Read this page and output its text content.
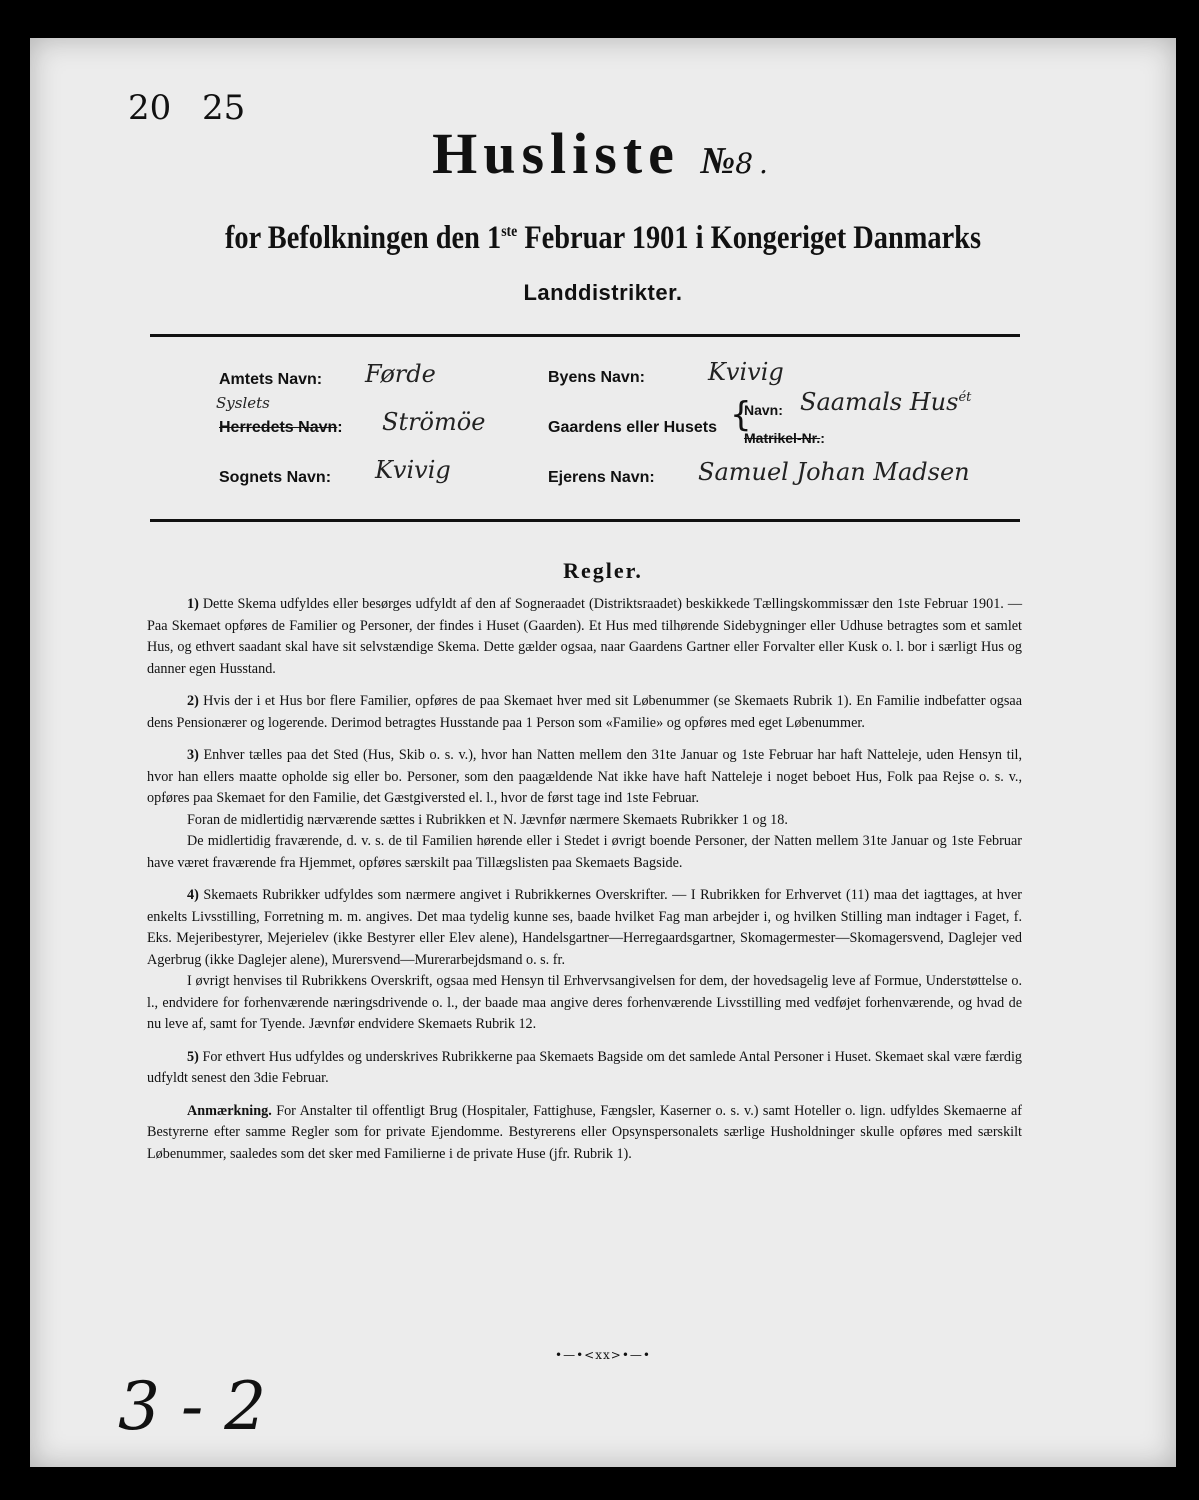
20 25
Husliste №8.
for Befolkningen den 1ste Februar 1901 i Kongeriget Danmarks
Landdistrikter.
Amtets Navn: Førde
Syslets
Herredets Navn: Strömöe
Sognets Navn: Kvivig
Byens Navn:	Kvivig
Gaardens eller Husets {
Navn: Saamals Hus$^{ét}$
Matrikel-Nr.:
Ejerens Navn: Samuel Johan Madsen
Regler.

1) Dette Skema udfyldes eller besørges udfyldt af den af Sogneraadet (Distriktsraadet) beskikkede Tællingskommissær den 1ste Februar 1901. — Paa Skemaet opføres de Familier og Personer, der findes i Huset (Gaarden). Et Hus med tilhørende Sidebygninger eller Udhuse betragtes som et samlet Hus, og ethvert saadant skal have sit selvstændige Skema. Dette gælder ogsaa, naar Gaardens Gartner eller Forvalter eller Kusk o. l. bor i særligt Hus og danner egen Husstand.

2) Hvis der i et Hus bor flere Familier, opføres de paa Skemaet hver med sit Løbenummer (se Skemaets Rubrik 1). En Familie indbefatter ogsaa dens Pensionærer og logerende. Derimod betragtes Husstande paa 1 Person som «Familie» og opføres med eget Løbenummer.

3) Enhver tælles paa det Sted (Hus, Skib o. s. v.), hvor han Natten mellem den 31te Januar og 1ste Februar har haft Natteleje, uden Hensyn til, hvor han ellers maatte opholde sig eller bo. Personer, som den paagældende Nat ikke have haft Natteleje i noget beboet Hus, Folk paa Rejse o. s. v., opføres paa Skemaet for den Familie, det Gæstgiversted el. l., hvor de først tage ind 1ste Februar.

Foran de midlertidig nærværende sættes i Rubrikken et N. Jævnfør nærmere Skemaets Rubrikker 1 og 18.

De midlertidig fraværende, d. v. s. de til Familien hørende eller i Stedet i øvrigt boende Personer, der Natten mellem 31te Januar og 1ste Februar have været fraværende fra Hjemmet, opføres særskilt paa Tillægslisten paa Skemaets Bagside.

4) Skemaets Rubrikker udfyldes som nærmere angivet i Rubrikkernes Overskrifter. — I Rubrikken for Erhvervet (11) maa det iagttages, at hver enkelts Livsstilling, Forretning m. m. angives. Det maa tydelig kunne ses, baade hvilket Fag man arbejder i, og hvilken Stilling man indtager i Faget, f. Eks. Mejeribestyrer, Mejerielev (ikke Bestyrer eller Elev alene), Handelsgartner—Herregaardsgartner, Skomagermester—Skomagersvend, Daglejer ved Agerbrug (ikke Daglejer alene), Murersvend—Murerarbejdsmand o. s. fr.

I øvrigt henvises til Rubrikkens Overskrift, ogsaa med Hensyn til Erhvervsangivelsen for dem, der hovedsagelig leve af Formue, Understøttelse o. l., endvidere for forhenværende næringsdrivende o. l., der baade maa angive deres forhenværende Livsstilling med vedføjet forhenværende, og hvad de nu leve af, samt for Tyende. Jævnfør endvidere Skemaets Rubrik 12.

5) For ethvert Hus udfyldes og underskrives Rubrikkerne paa Skemaets Bagside om det samlede Antal Personer i Huset. Skemaet skal være færdig udfyldt senest den 3die Februar.

Anmærkning. For Anstalter til offentligt Brug (Hospitaler, Fattighuse, Fængsler, Kaserner o. s. v.) samt Hoteller o. lign. udfyldes Skemaerne af Bestyrerne efter samme Regler som for private Ejendomme. Bestyrerens eller Opsynspersonalets særlige Husholdninger skulle opføres med særskilt Løbenummer, saaledes som det sker med Familierne i de private Huse (jfr. Rubrik 1).

•—•<xx>•—•
3 - 2
